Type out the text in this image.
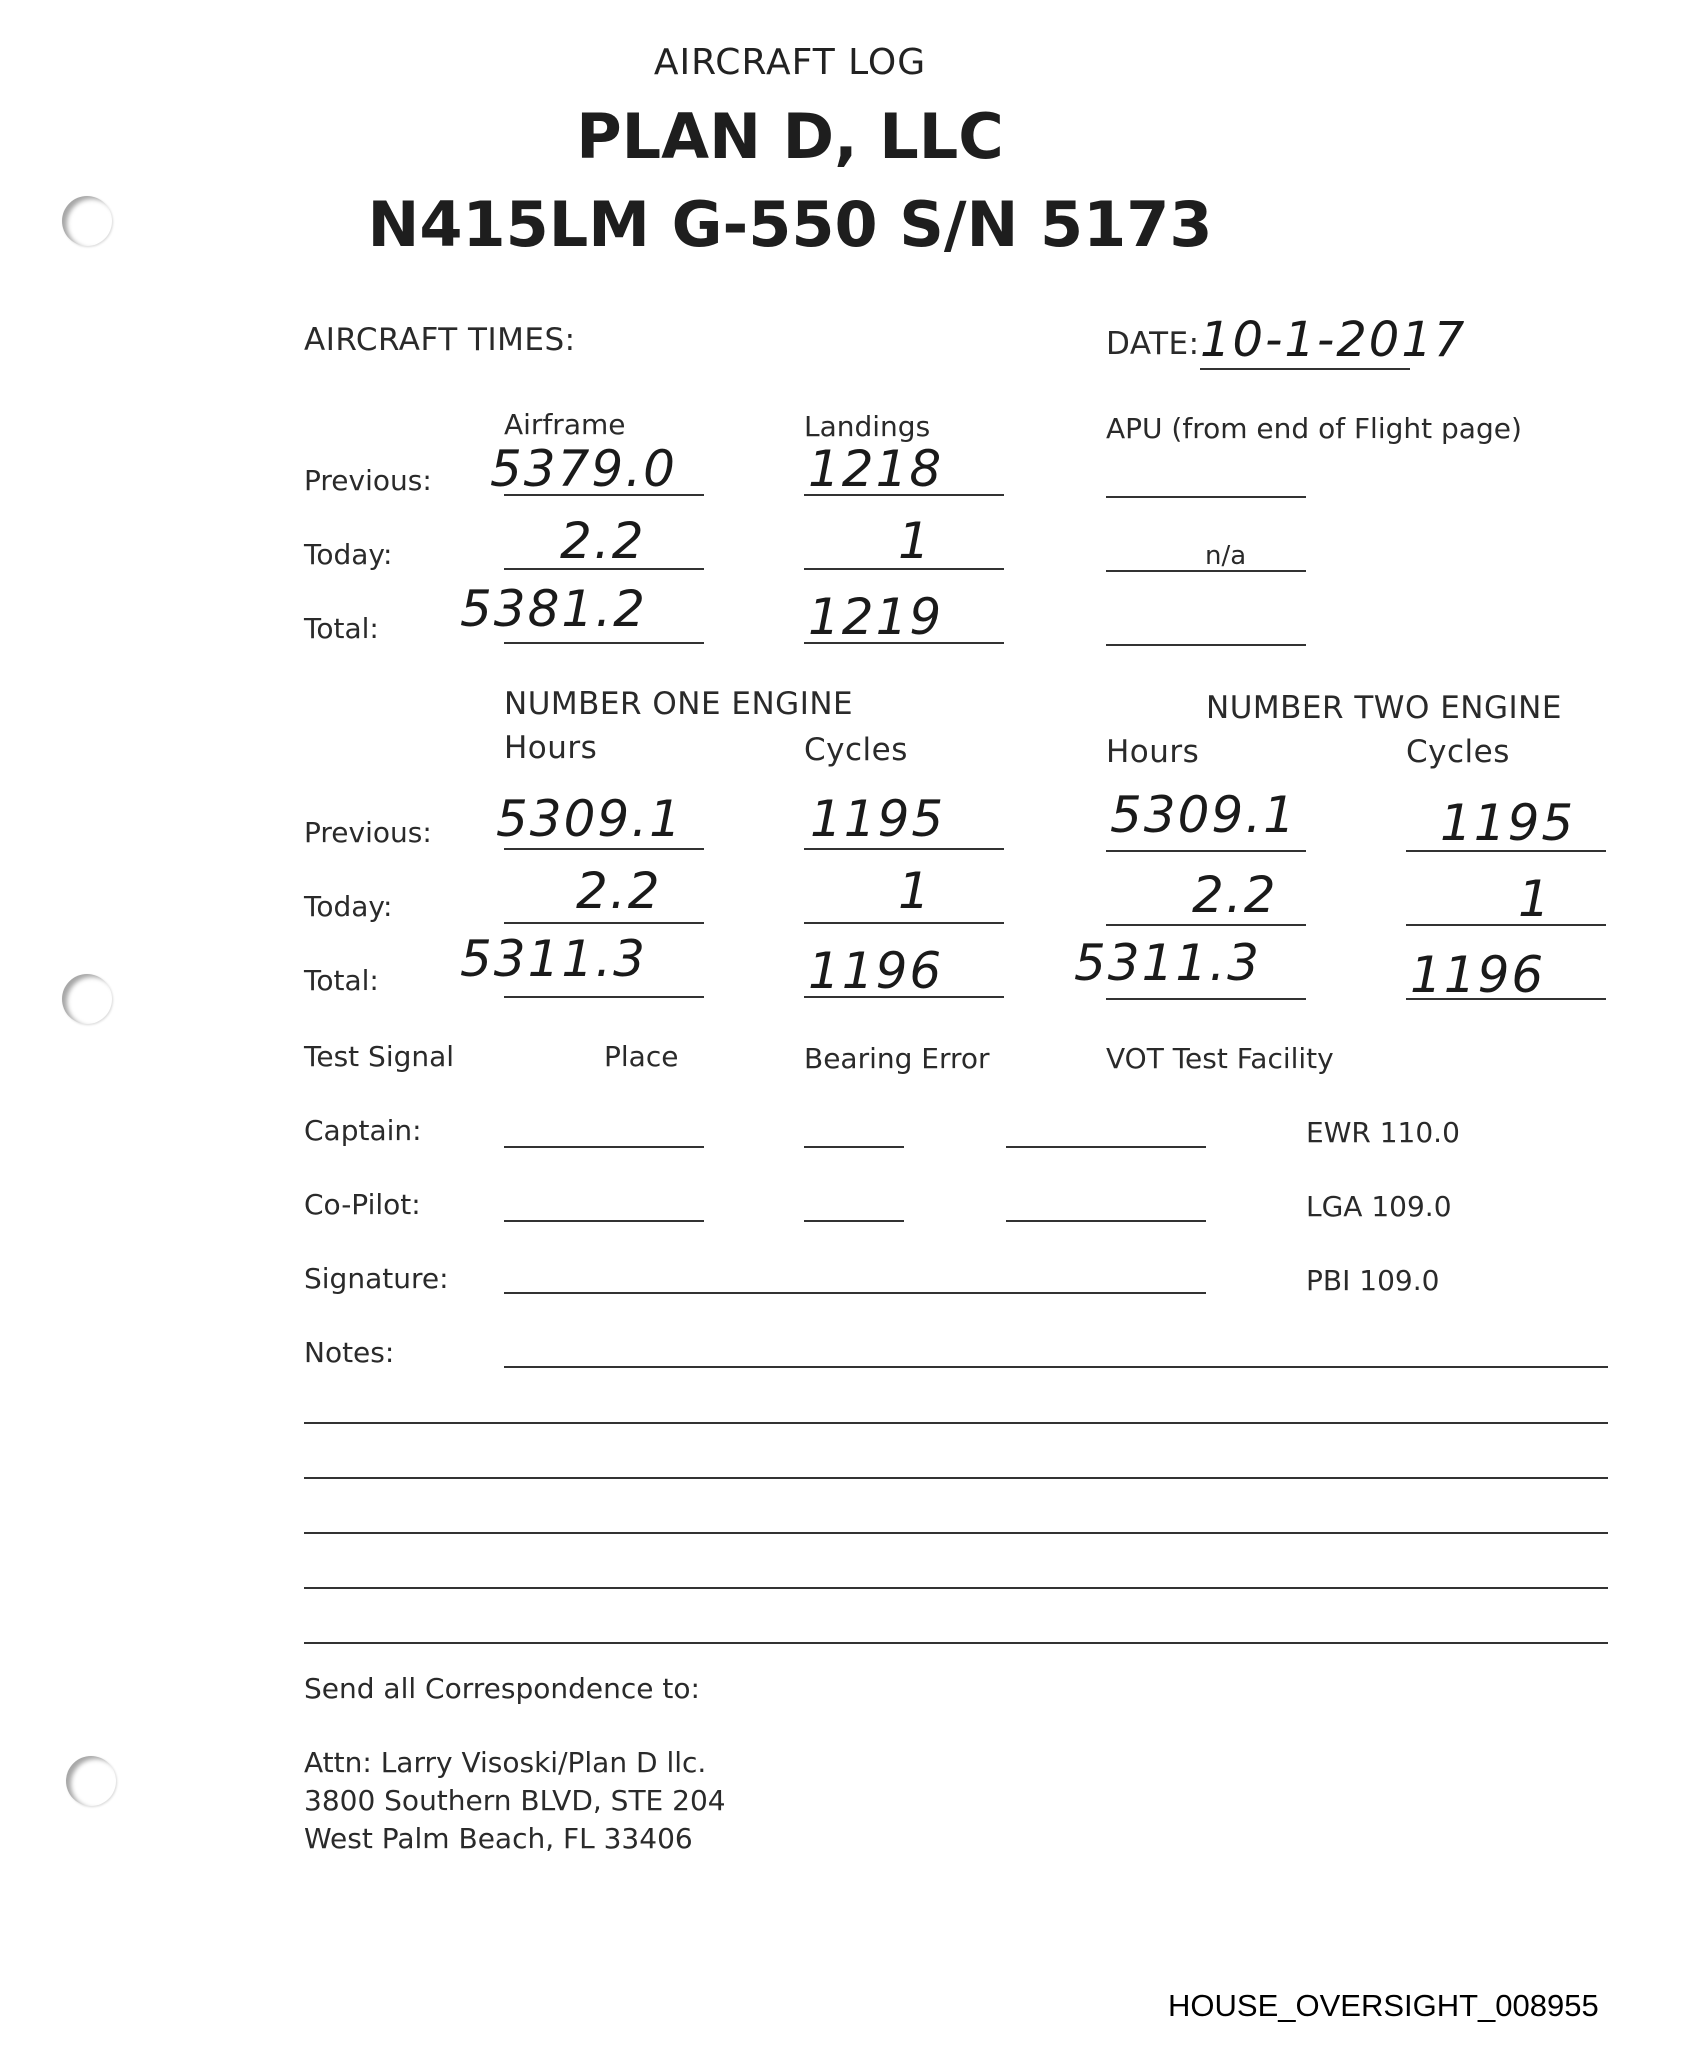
AIRCRAFT LOG
PLAN D, LLC
N415LM G-550 S/N 5173
AIRCRAFT TIMES:	DATE: 10-1-2017
Airframe	Landings	APU (from end of Flight page)
Previous: 5379.0	1218
Today:	2.2	1	n/a
Total: 5381.2	1219
NUMBER ONE ENGINE	NUMBER TWO ENGINE
Hours	Cycles	Hours	Cycles
Previous: 5309.1	1195	5309.1	1195
Today:	2.2	1	2.2	1
Total: 5311.3	1196	5311.3	1196
Test Signal	Place	Bearing Error	VOT Test Facility
Captain:	EWR 110.0
Co-Pilot:	LGA 109.0
Signature:	PBI 109.0
Notes:
Send all Correspondence to:
Attn: Larry Visoski/Plan D llc.
3800 Southern BLVD, STE 204
West Palm Beach, FL 33406
HOUSE_OVERSIGHT_008955
